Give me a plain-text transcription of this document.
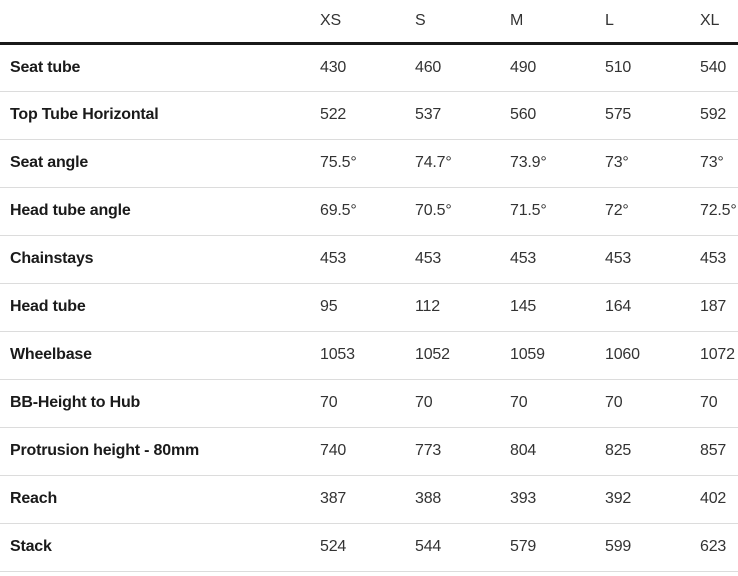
	XS	S	M	L	XL
Seat tube	430	460	490	510	540
Top Tube Horizontal	522	537	560	575	592
Seat angle	75.5°	74.7°	73.9°	73°	73°
Head tube angle	69.5°	70.5°	71.5°	72°	72.5°
Chainstays	453	453	453	453	453
Head tube	95	112	145	164	187
Wheelbase	1053	1052	1059	1060	1072
BB-Height to Hub	70	70	70	70	70
Protrusion height - 80mm	740	773	804	825	857
Reach	387	388	393	392	402
Stack	524	544	579	599	623
